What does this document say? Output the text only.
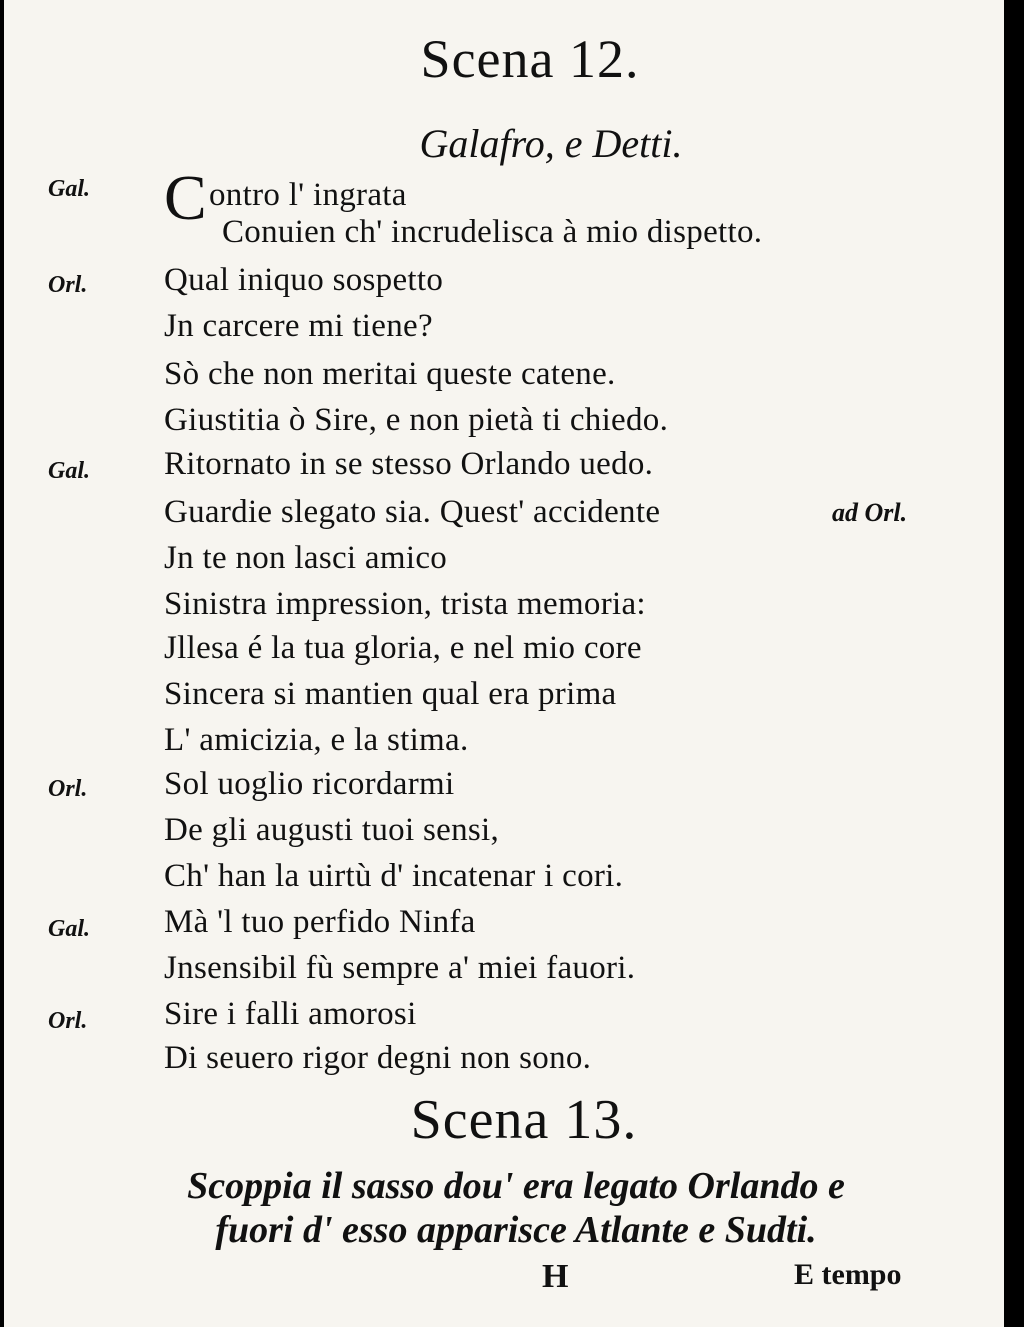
Scena 12.
Galafro, e Detti.
Gal. Contro l' ingrata
Conuien ch' incrudelisca à mio dispetto.
Orl. Qual iniquo sospetto
Jn carcere mi tiene?
Sò che non meritai queste catene.
Giustitia ò Sire, e non pietà ti chiedo.
Gal. Ritornato in se stesso Orlando uedo.
Guardie slegato sia. Quest' accidente	ad Orl.
Jn te non lasci amico
Sinistra impression, trista memoria:
Jllesa é la tua gloria, e nel mio core
Sincera si mantien qual era prima
L' amicizia, e la stima.
Orl. Sol uoglio ricordarmi
De gli augusti tuoi sensi,
Ch' han la uirtù d' incatenar i cori.
Gal. Mà 'l tuo perfido Ninfa
Jnsensibil fù sempre a' miei fauori.
Orl. Sire i falli amorosi
Di seuero rigor degni non sono.
Scena 13.
Scoppia il sasso dou' era legato Orlando e
fuori d' esso apparisce Atlante e Sudti.
H	E tempo
